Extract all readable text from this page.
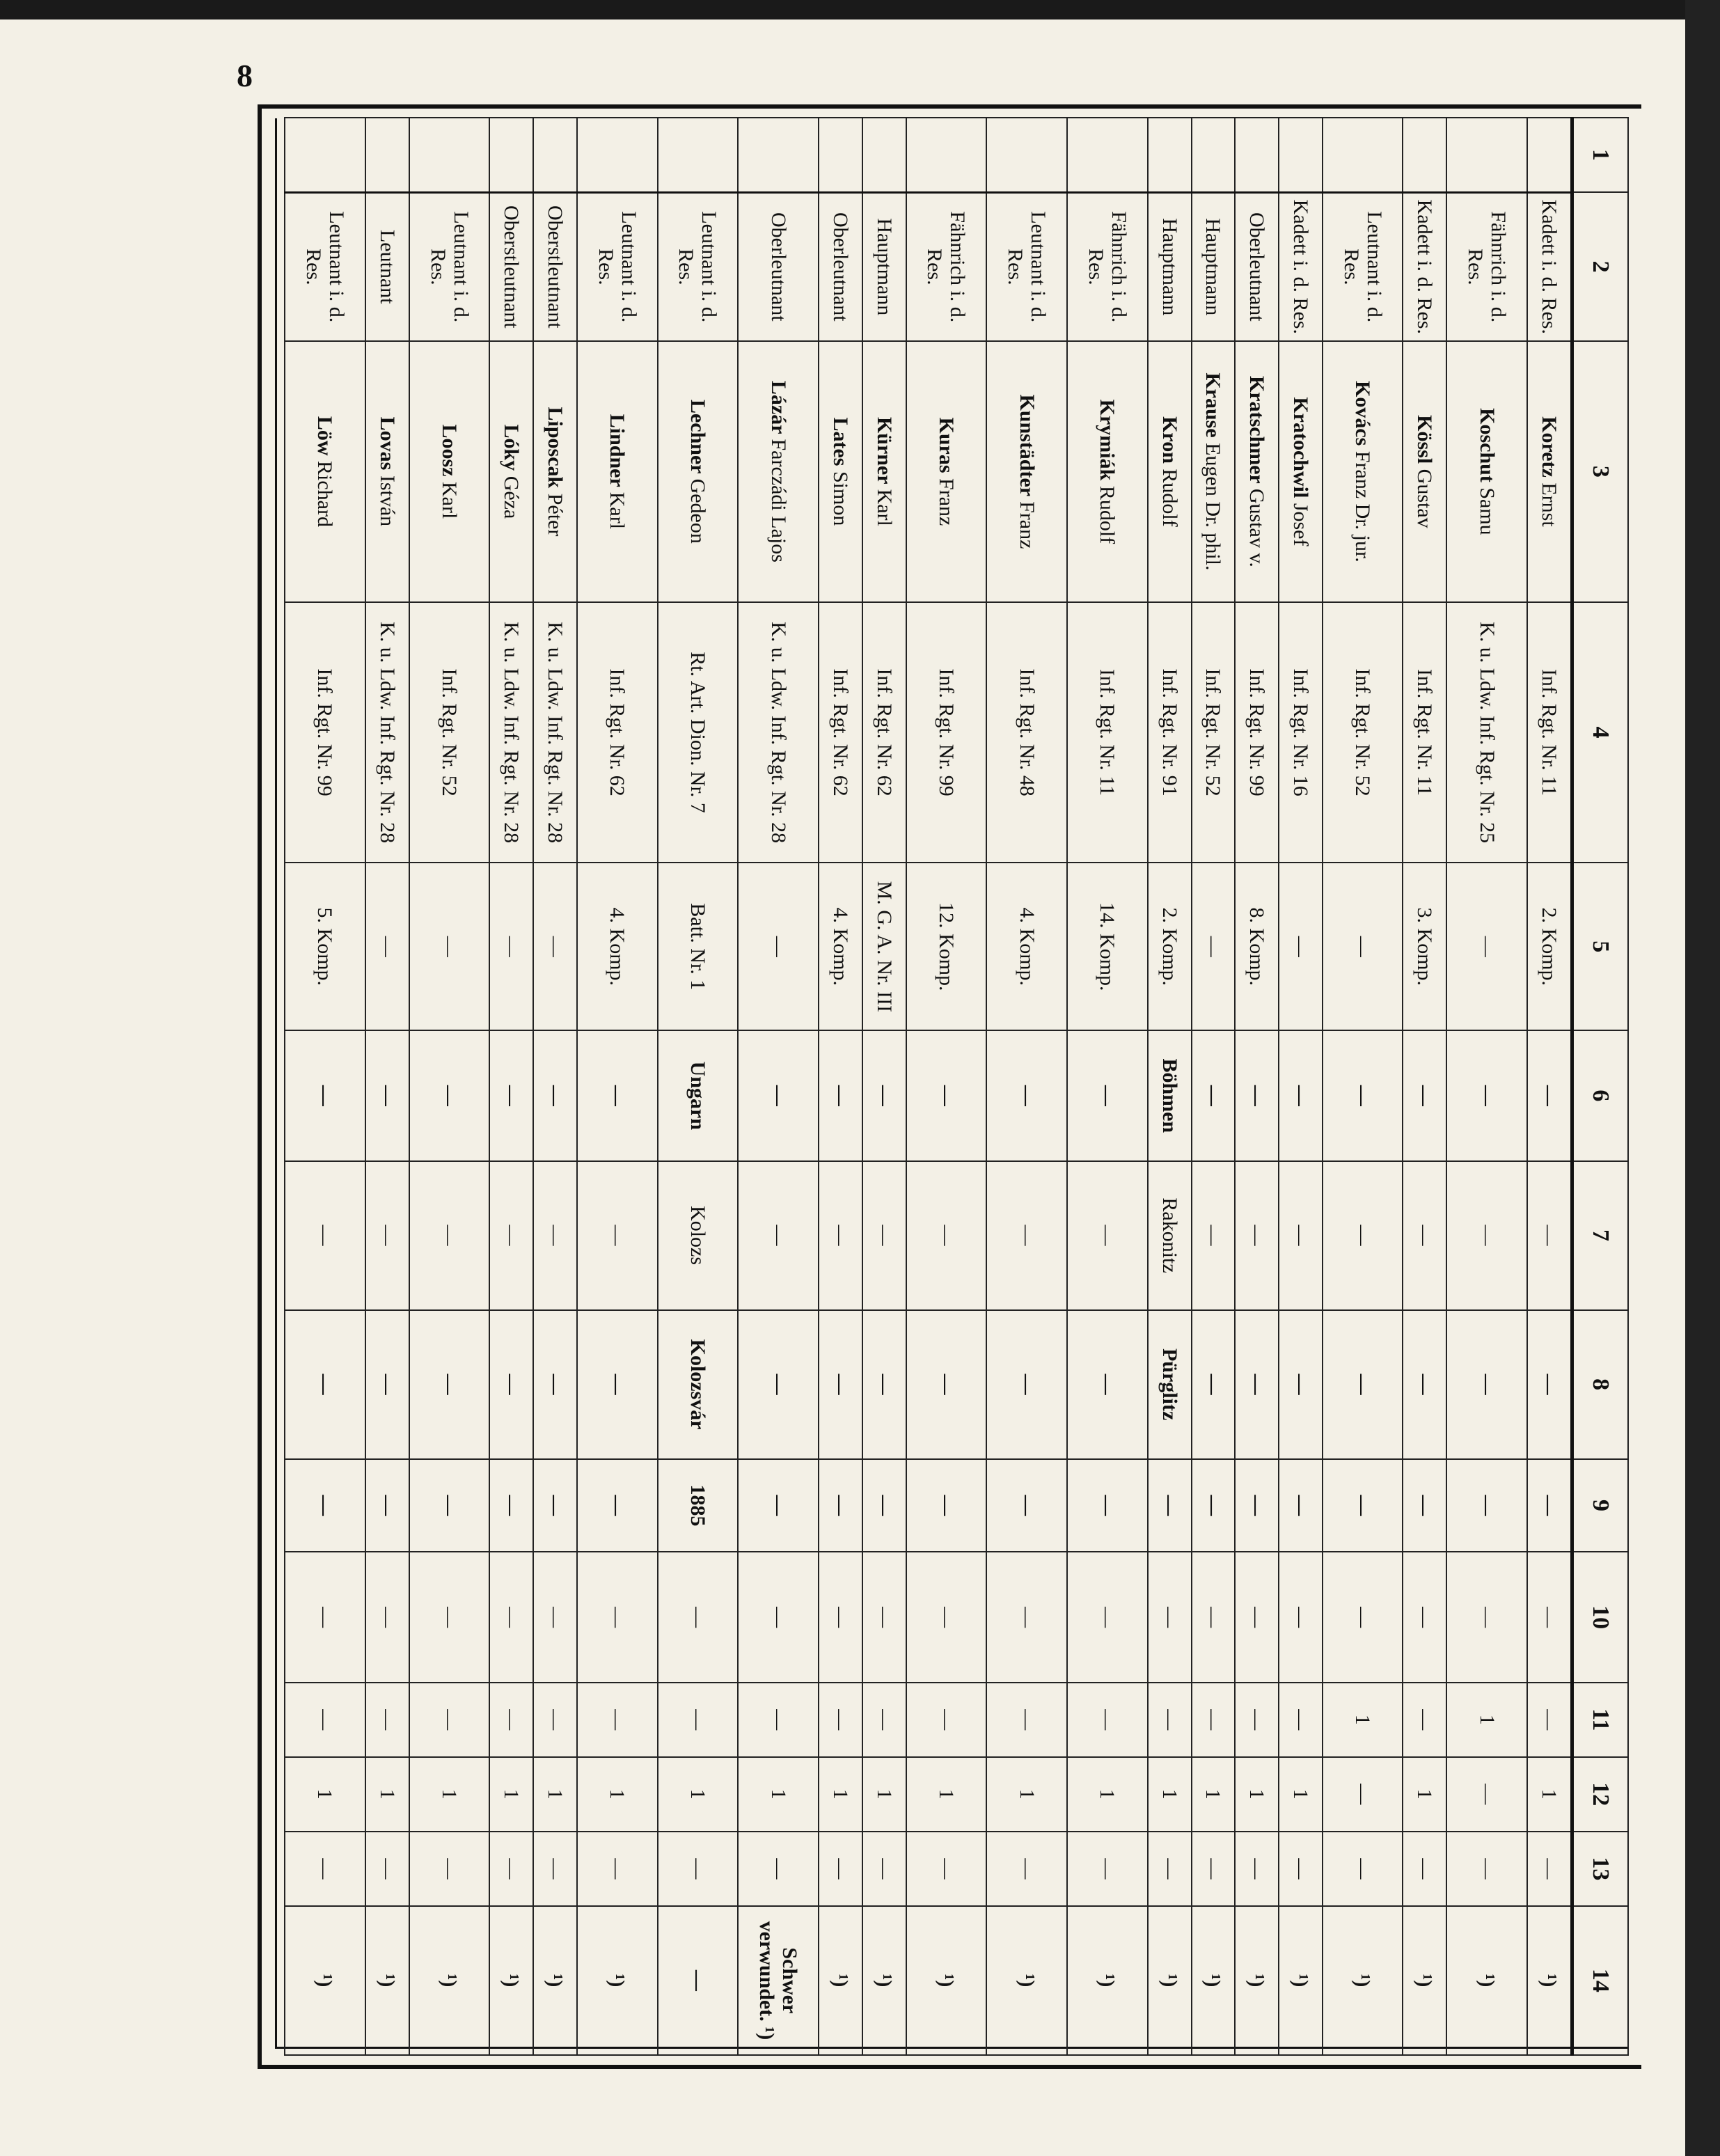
8
1	2	3	4	5	6	7	8	9	10	11	12	13	14
	Kadett i. d. Res.	Koretz Ernst	Inf. Rgt. Nr. 11	2. Komp.	—	—	—	—	—	—	1	—	¹)
	Fähnrich i. d. Res.	Koschut Samu	K. u. Ldw. Inf. Rgt. Nr. 25	—	—	—	—	—	—	1	—	—	¹)
	Kadett i. d. Res.	Kössl Gustav	Inf. Rgt. Nr. 11	3. Komp.	—	—	—	—	—	—	1	—	¹)
	Leutnant i. d. Res.	Kovács Franz Dr. jur.	Inf. Rgt. Nr. 52	—	—	—	—	—	—	1	—	—	¹)
	Kadett i. d. Res.	Kratochwil Josef	Inf. Rgt. Nr. 16	—	—	—	—	—	—	—	1	—	¹)
	Oberleutnant	Kratschmer Gustav v.	Inf. Rgt. Nr. 99	8. Komp.	—	—	—	—	—	—	1	—	¹)
	Hauptmann	Krause Eugen Dr. phil.	Inf. Rgt. Nr. 52	—	—	—	—	—	—	—	1	—	¹)
	Hauptmann	Kron Rudolf	Inf. Rgt. Nr. 91	2. Komp.	Böhmen	Rakonitz	Pürglitz	—	—	—	1	—	¹)
	Fähnrich i. d. Res.	Krymiák Rudolf	Inf. Rgt. Nr. 11	14. Komp.	—	—	—	—	—	—	1	—	¹)
	Leutnant i. d. Res.	Kunstädter Franz	Inf. Rgt. Nr. 48	4. Komp.	—	—	—	—	—	—	1	—	¹)
	Fähnrich i. d. Res.	Kuras Franz	Inf. Rgt. Nr. 99	12. Komp.	—	—	—	—	—	—	1	—	¹)
	Hauptmann	Kürner Karl	Inf. Rgt. Nr. 62	M. G. A. Nr. III	—	—	—	—	—	—	1	—	¹)
	Oberleutnant	Lates Simon	Inf. Rgt. Nr. 62	4. Komp.	—	—	—	—	—	—	1	—	¹)
	Oberleutnant	Lázár Farczádi Lajos	K. u. Ldw. Inf. Rgt. Nr. 28	—	—	—	—	—	—	—	1	—	Schwer verwundet. ¹)
	Leutnant i. d. Res.	Lechner Gedeon	Rt. Art. Dion. Nr. 7	Batt. Nr. 1	Ungarn	Kolozs	Kolozsvár	1885	—	—	1	—	—
	Leutnant i. d. Res.	Lindner Karl	Inf. Rgt. Nr. 62	4. Komp.	—	—	—	—	—	—	1	—	¹)
	Oberstleutnant	Liposcak Péter	K. u. Ldw. Inf. Rgt. Nr. 28	—	—	—	—	—	—	—	1	—	¹)
	Oberstleutnant	Lóky Géza	K. u. Ldw. Inf. Rgt. Nr. 28	—	—	—	—	—	—	—	1	—	¹)
	Leutnant i. d. Res.	Loosz Karl	Inf. Rgt. Nr. 52	—	—	—	—	—	—	—	1	—	¹)
	Leutnant	Lovas István	K. u. Ldw. Inf. Rgt. Nr. 28	—	—	—	—	—	—	—	1	—	¹)
	Leutnant i. d. Res.	Löw Richard	Inf. Rgt. Nr. 99	5. Komp.	—	—	—	—	—	—	1	—	¹)
